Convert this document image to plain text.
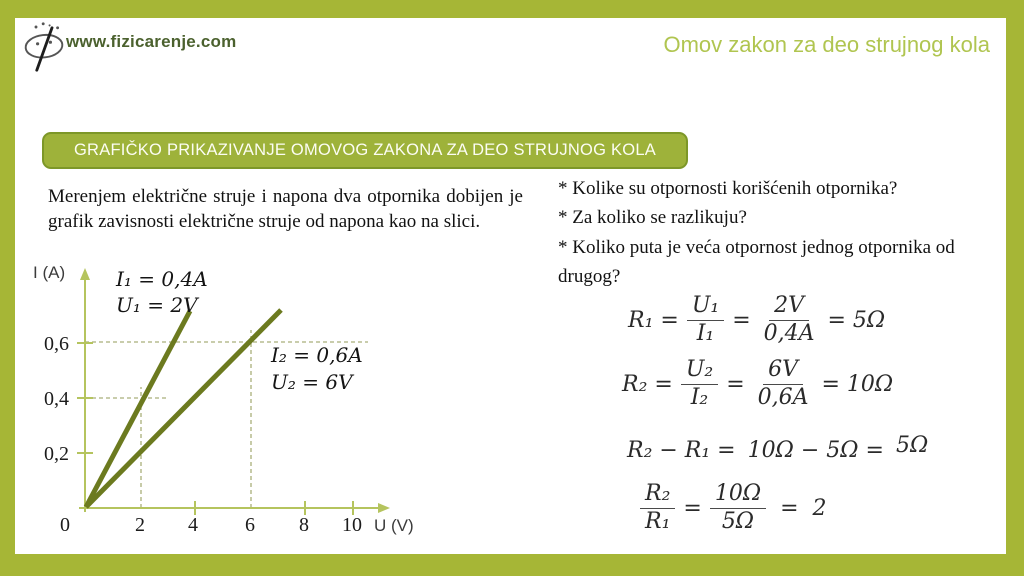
www.fizicarenje.com	Omov zakon za deo strujnog kola
GRAFIČKO PRIKAZIVANJE OMOVOG ZAKONA ZA DEO STRUJNOG KOLA
Merenjem električne struje i napona dva otpornika dobijen je grafik zavisnosti električne struje od napona kao na slici.
* Kolike su otpornosti korišćenih otpornika?
* Za koliko se razlikuju?
* Koliko puta je veća otpornost jednog otpornika od drugog?
I (A)
U (V)
0	2 4 6 8 10
0,2
0,4
0,6
I₁ = 0,4A
U₁ = 2V
I₂ = 0,6A
U₂ = 6V
$R_1 = \frac{\text{U₁}}{\text{I₁}} = \frac{2V}{0,4A} = 5\Omega$
$R_2 = \frac{\text{U₂}}{\text{I₂}} = \frac{6V}{0,6A} = 10\Omega$
R₂ − R₁ = 10Ω − 5Ω = 5Ω
$\frac{\text{R₂}}{\text{R₁}} = \frac{10\Omega}{5\Omega} = 2$
